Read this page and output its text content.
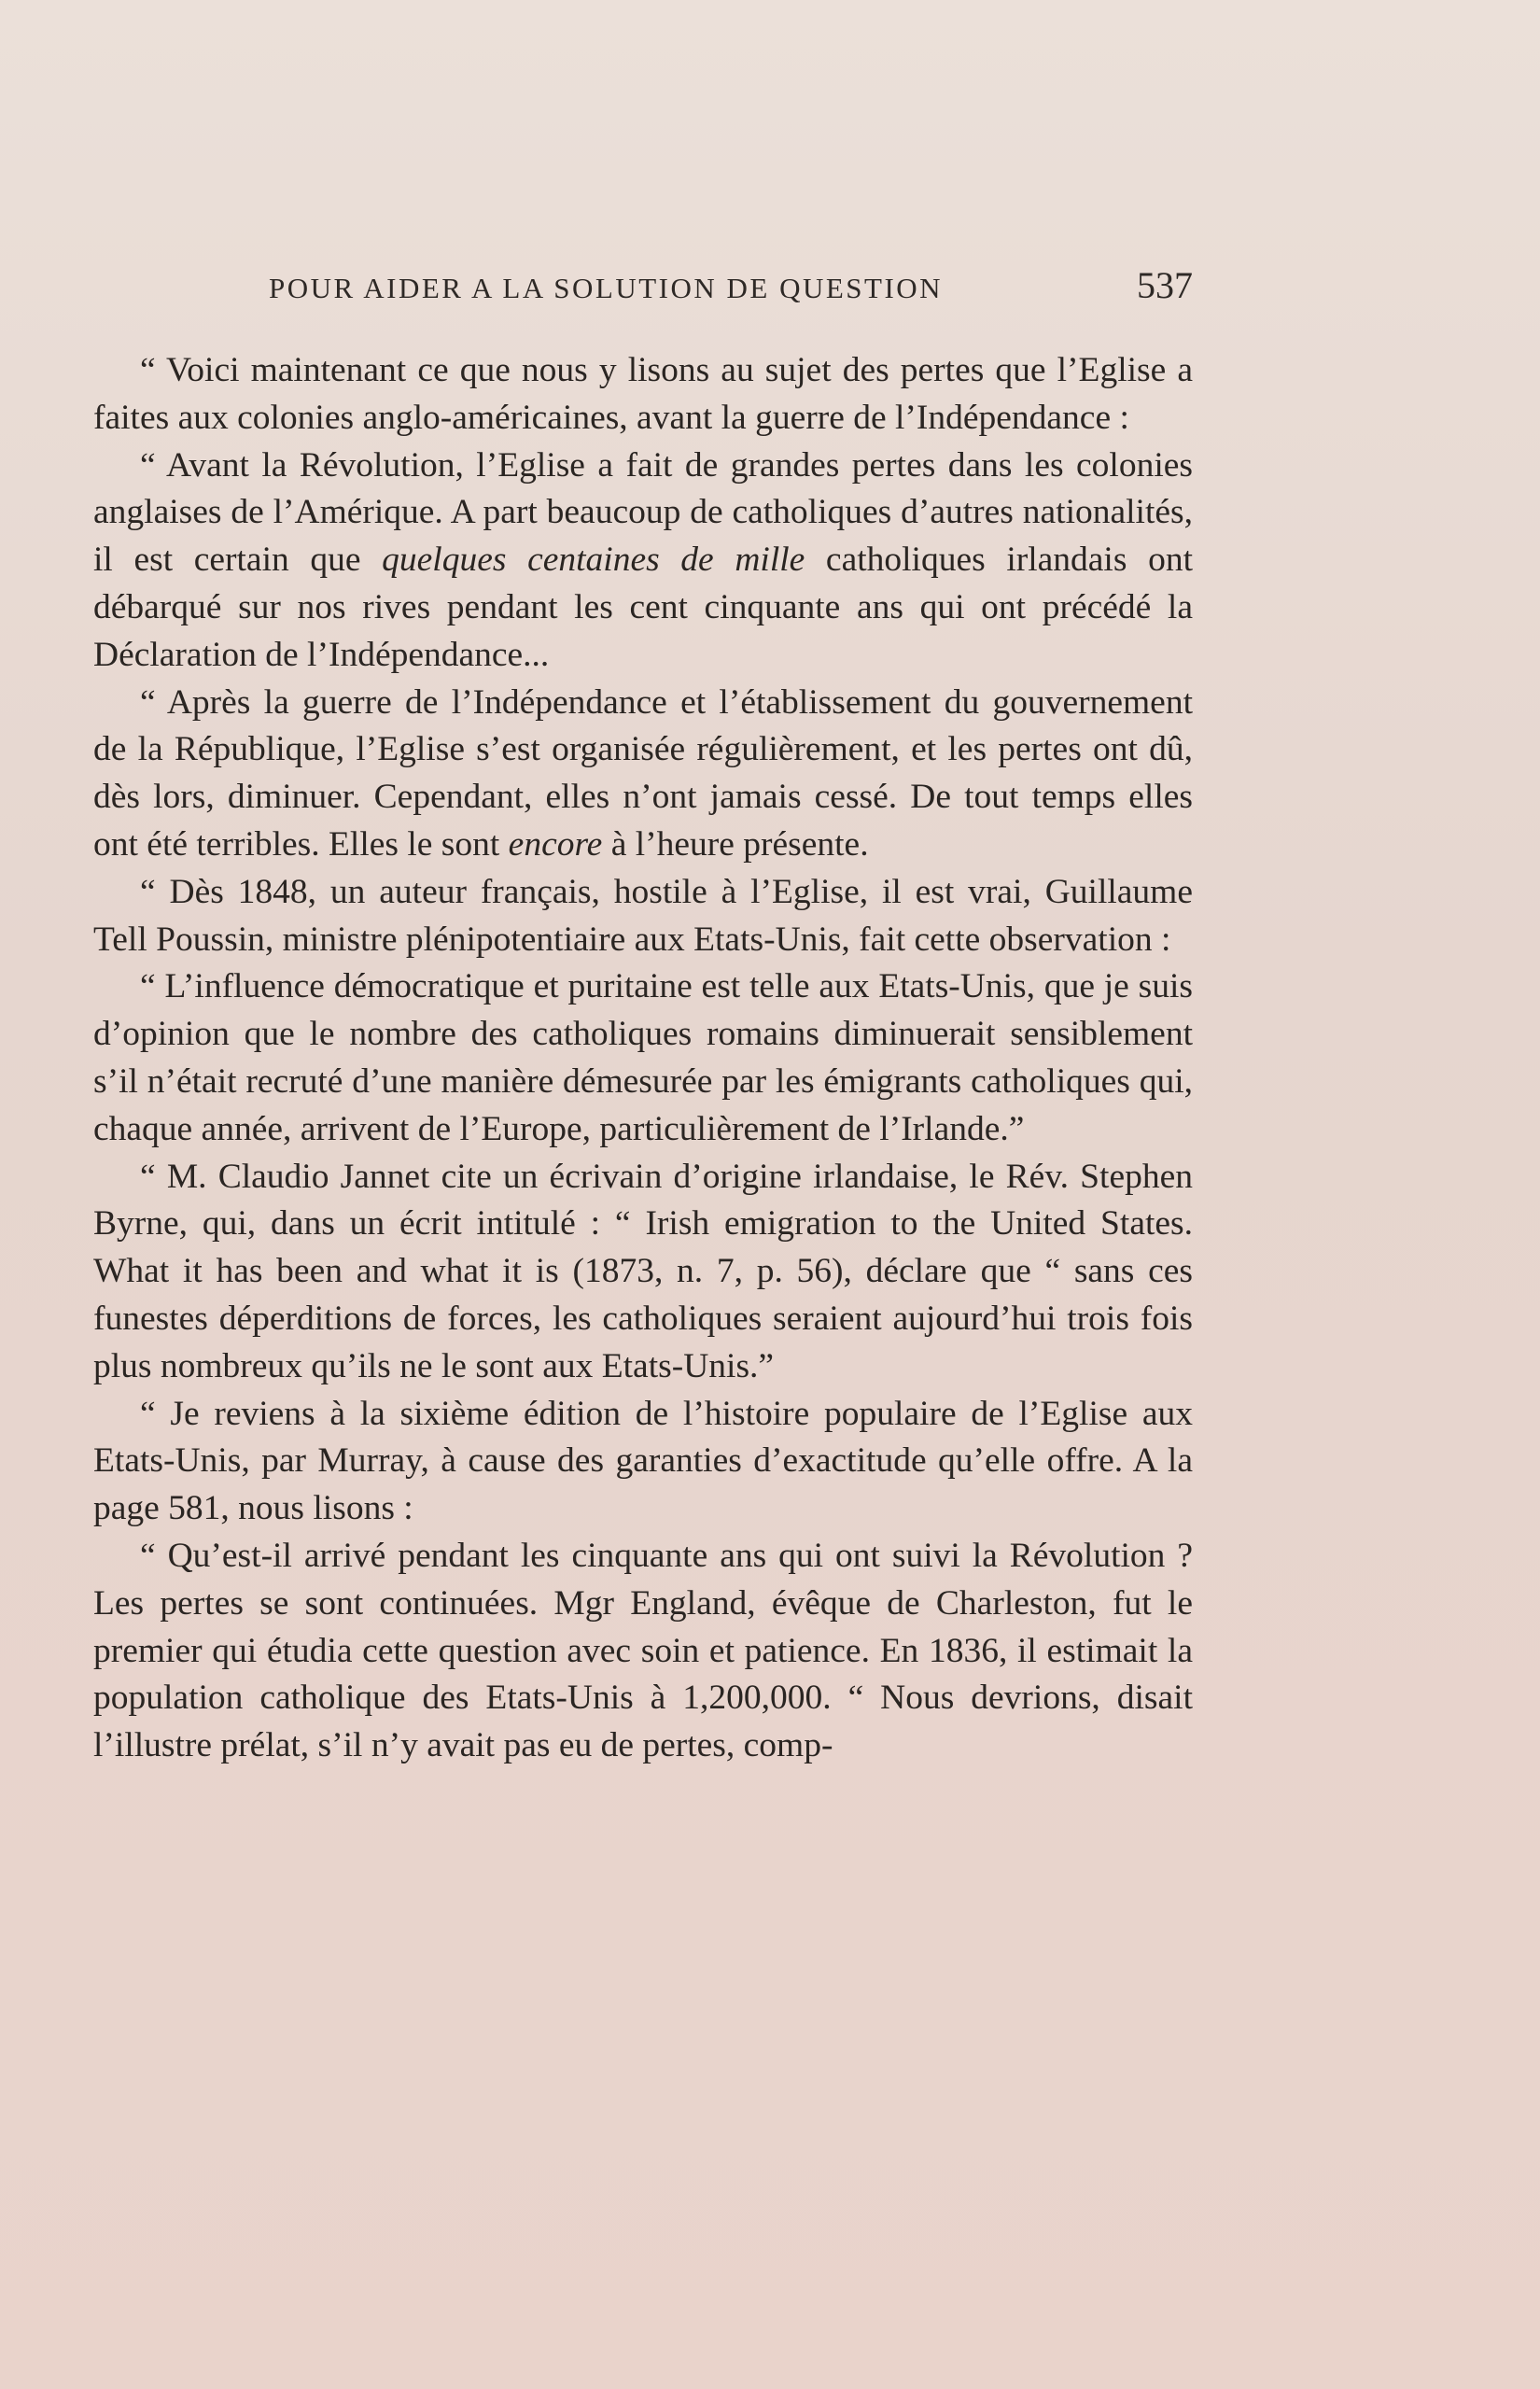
POUR AIDER A LA SOLUTION DE QUESTION	537

“ Voici maintenant ce que nous y lisons au sujet des pertes que l’Eglise a faites aux colonies anglo-américaines, avant la guerre de l’Indépendance :

“ Avant la Révolution, l’Eglise a fait de grandes pertes dans les colonies anglaises de l’Amérique. A part beaucoup de catholiques d’autres nationalités, il est certain que quelques centaines de mille catholiques irlandais ont débarqué sur nos rives pendant les cent cinquante ans qui ont précédé la Déclaration de l’Indépendance...

“ Après la guerre de l’Indépendance et l’établissement du gouvernement de la République, l’Eglise s’est organisée régulièrement, et les pertes ont dû, dès lors, diminuer. Cependant, elles n’ont jamais cessé. De tout temps elles ont été terribles. Elles le sont encore à l’heure présente.

“ Dès 1848, un auteur français, hostile à l’Eglise, il est vrai, Guillaume Tell Poussin, ministre plénipotentiaire aux Etats-Unis, fait cette observation :

“ L’influence démocratique et puritaine est telle aux Etats-Unis, que je suis d’opinion que le nombre des catholiques romains diminuerait sensiblement s’il n’était recruté d’une manière démesurée par les émigrants catholiques qui, chaque année, arrivent de l’Europe, particulièrement de l’Irlande.”

“ M. Claudio Jannet cite un écrivain d’origine irlandaise, le Rév. Stephen Byrne, qui, dans un écrit intitulé : “ Irish emigration to the United States. What it has been and what it is (1873, n. 7, p. 56), déclare que “ sans ces funestes déperditions de forces, les catholiques seraient aujourd’hui trois fois plus nombreux qu’ils ne le sont aux Etats-Unis.”

“ Je reviens à la sixième édition de l’histoire populaire de l’Eglise aux Etats-Unis, par Murray, à cause des garanties d’exactitude qu’elle offre. A la page 581, nous lisons :

“ Qu’est-il arrivé pendant les cinquante ans qui ont suivi la Révolution ? Les pertes se sont continuées. Mgr England, évêque de Charleston, fut le premier qui étudia cette question avec soin et patience. En 1836, il estimait la population catholique des Etats-Unis à 1,200,000. “ Nous devrions, disait l’illustre prélat, s’il n’y avait pas eu de pertes, comp-
